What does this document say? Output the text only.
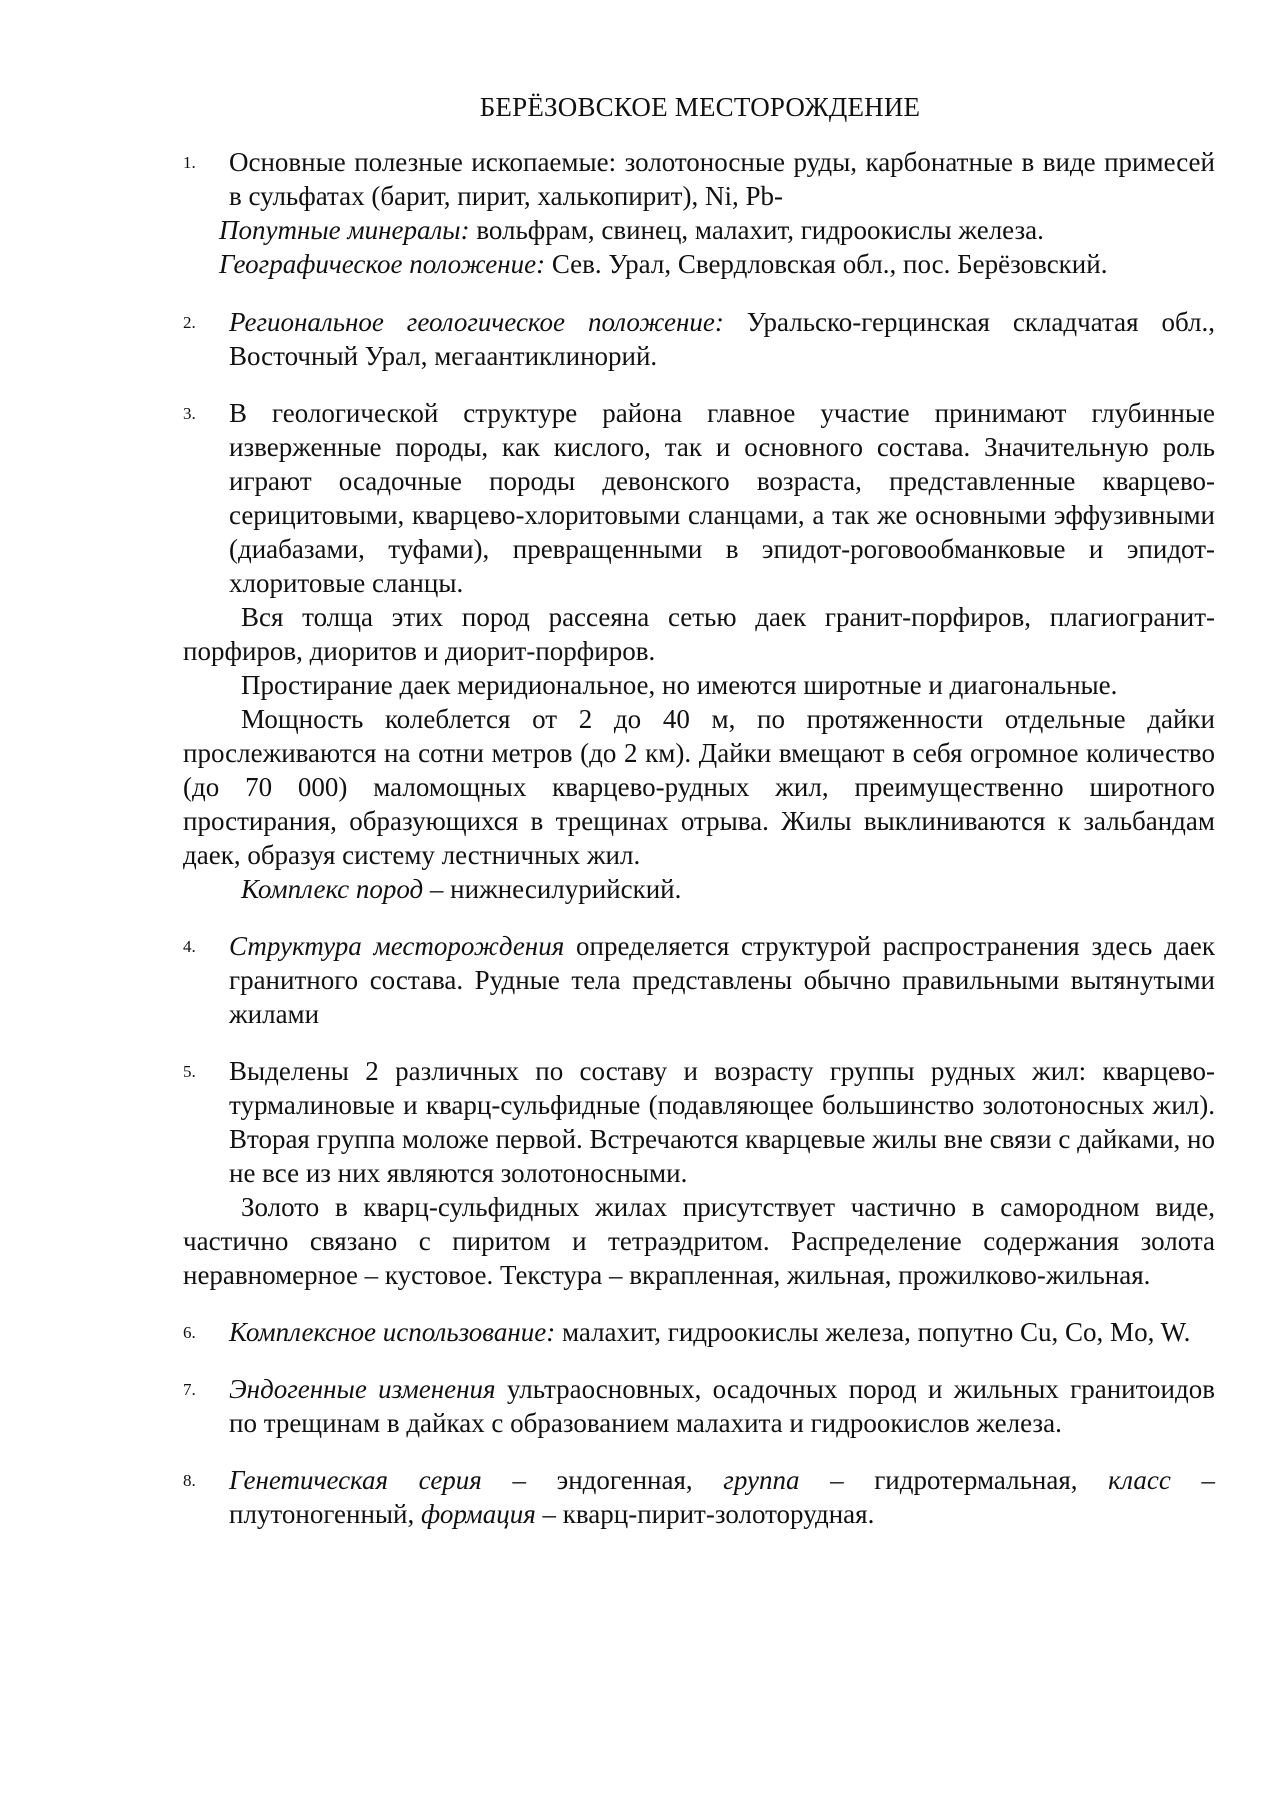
БЕРЁЗОВСКОЕ МЕСТОРОЖДЕНИЕ
1. Основные полезные ископаемые: золотоносные руды, карбонатные в виде примесей в сульфатах (барит, пирит, халькопирит), Ni, Pb-

Попутные минералы: вольфрам, свинец, малахит, гидроокислы железа.

Географическое положение: Сев. Урал, Свердловская обл., пос. Берёзовский.

2. Региональное геологическое положение: Уральско-герцинская складчатая обл., Восточный Урал, мегаантиклинорий.

3. В геологической структуре района главное участие принимают глубинные изверженные породы, как кислого, так и основного состава. Значительную роль играют осадочные породы девонского возраста, представленные кварцево-серицитовыми, кварцево-хлоритовыми сланцами, а так же основными эффузивными (диабазами, туфами), превращенными в эпидот-роговообманковые и эпидот-хлоритовые сланцы.

Вся толща этих пород рассеяна сетью даек гранит-порфиров, плагиогранит-порфиров, диоритов и диорит-порфиров.

Простирание даек меридиональное, но имеются широтные и диагональные.

Мощность колеблется от 2 до 40 м, по протяженности отдельные дайки прослеживаются на сотни метров (до 2 км). Дайки вмещают в себя огромное количество (до 70 000) маломощных кварцево-рудных жил, преимущественно широтного простирания, образующихся в трещинах отрыва. Жилы выклиниваются к зальбандам даек, образуя систему лестничных жил.

Комплекс пород – нижнесилурийский.

4. Структура месторождения определяется структурой распространения здесь даек гранитного состава. Рудные тела представлены обычно правильными вытянутыми жилами

5. Выделены 2 различных по составу и возрасту группы рудных жил: кварцево-турмалиновые и кварц-сульфидные (подавляющее большинство золотоносных жил). Вторая группа моложе первой. Встречаются кварцевые жилы вне связи с дайками, но не все из них являются золотоносными.

Золото в кварц-сульфидных жилах присутствует частично в самородном виде, частично связано с пиритом и тетраэдритом. Распределение содержания золота неравномерное – кустовое. Текстура – вкрапленная, жильная, прожилково-жильная.

6. Комплексное использование: малахит, гидроокислы железа, попутно Cu, Co, Mo, W.

7. Эндогенные изменения ультраосновных, осадочных пород и жильных гранитоидов по трещинам в дайках с образованием малахита и гидроокислов железа.

8. Генетическая серия – эндогенная, группа – гидротермальная, класс – плутоногенный, формация – кварц-пирит-золоторудная.
